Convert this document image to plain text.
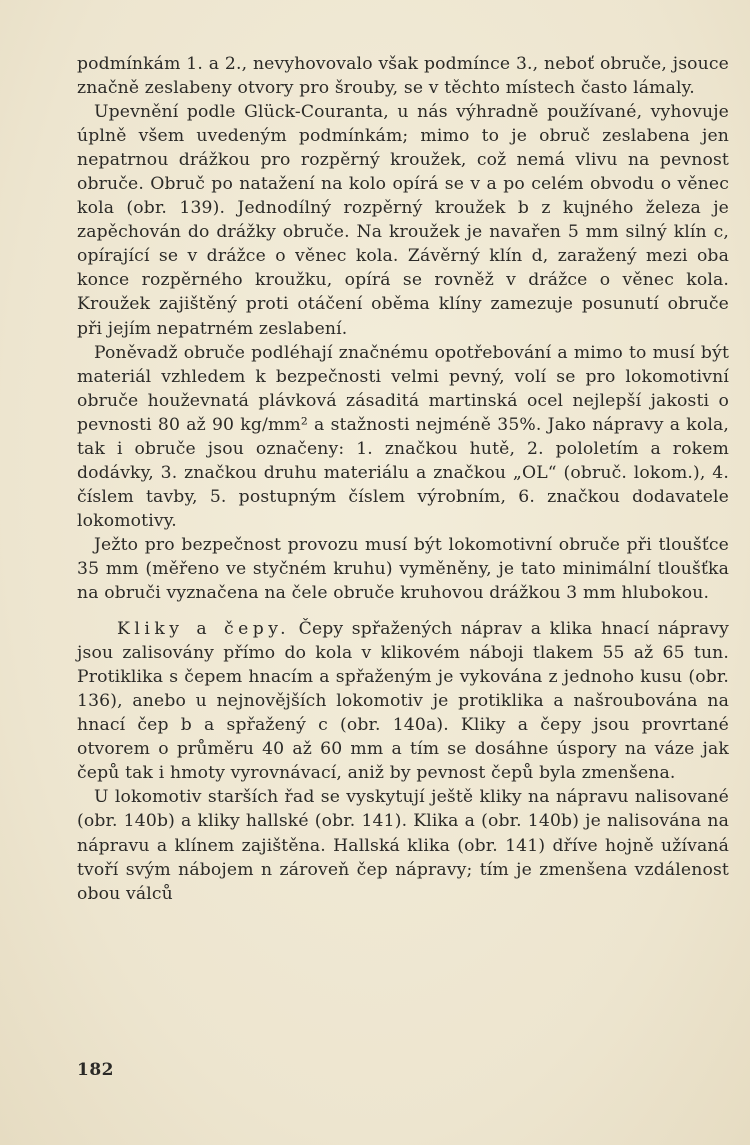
podmínkám 1. a 2., nevyhovovalo však podmínce 3., neboť obruče, jsouce značně zeslabeny otvory pro šrouby, se v těchto místech často lámaly.

Upevnění podle Glück-Couranta, u nás výhradně používané, vyhovuje úplně všem uvedeným podmínkám; mimo to je obruč zeslabena jen nepatrnou drážkou pro rozpěrný kroužek, což nemá vlivu na pevnost obruče. Obruč po natažení na kolo opírá se v a po celém obvodu o věnec kola (obr. 139). Jednodílný rozpěrný kroužek b z kujného železa je zapěchován do drážky obruče. Na kroužek je navařen 5 mm silný klín c, opírající se v drážce o věnec kola. Závěrný klín d, zaražený mezi oba konce rozpěrného kroužku, opírá se rovněž v drážce o věnec kola. Kroužek zajištěný proti otáčení oběma klíny zamezuje posunutí obruče při jejím nepatrném zeslabení.

Poněvadž obruče podléhají značnému opotřebování a mimo to musí být materiál vzhledem k bezpečnosti velmi pevný, volí se pro lokomotivní obruče houževnatá plávková zásaditá martinská ocel nejlepší jakosti o pevnosti 80 až 90 kg/mm² a stažnosti nejméně 35%. Jako nápravy a kola, tak i obruče jsou označeny: 1. značkou hutě, 2. pololetím a rokem dodávky, 3. značkou druhu materiálu a značkou „OL“ (obruč. lokom.), 4. číslem tavby, 5. postupným číslem výrobním, 6. značkou dodavatele lokomotivy.

Ježto pro bezpečnost provozu musí být lokomotivní obruče při tloušťce 35 mm (měřeno ve styčném kruhu) vyměněny, je tato minimální tloušťka na obruči vyznačena na čele obruče kruhovou drážkou 3 mm hlubokou.

Kliky a čepy. Čepy spřažených náprav a klika hnací nápravy jsou zalisovány přímo do kola v klikovém náboji tlakem 55 až 65 tun. Protiklika s čepem hnacím a spřaženým je vykována z jednoho kusu (obr. 136), anebo u nejnovějších lokomotiv je protiklika a našroubována na hnací čep b a spřažený c (obr. 140a). Kliky a čepy jsou provrtané otvorem o průměru 40 až 60 mm a tím se dosáhne úspory na váze jak čepů tak i hmoty vyrovnávací, aniž by pevnost čepů byla zmenšena.

U lokomotiv starších řad se vyskytují ještě kliky na nápravu nalisované (obr. 140b) a kliky hallské (obr. 141). Klika a (obr. 140b) je nalisována na nápravu a klínem zajištěna. Hallská klika (obr. 141) dříve hojně užívaná tvoří svým nábojem n zároveň čep nápravy; tím je zmenšena vzdálenost obou válců

182
